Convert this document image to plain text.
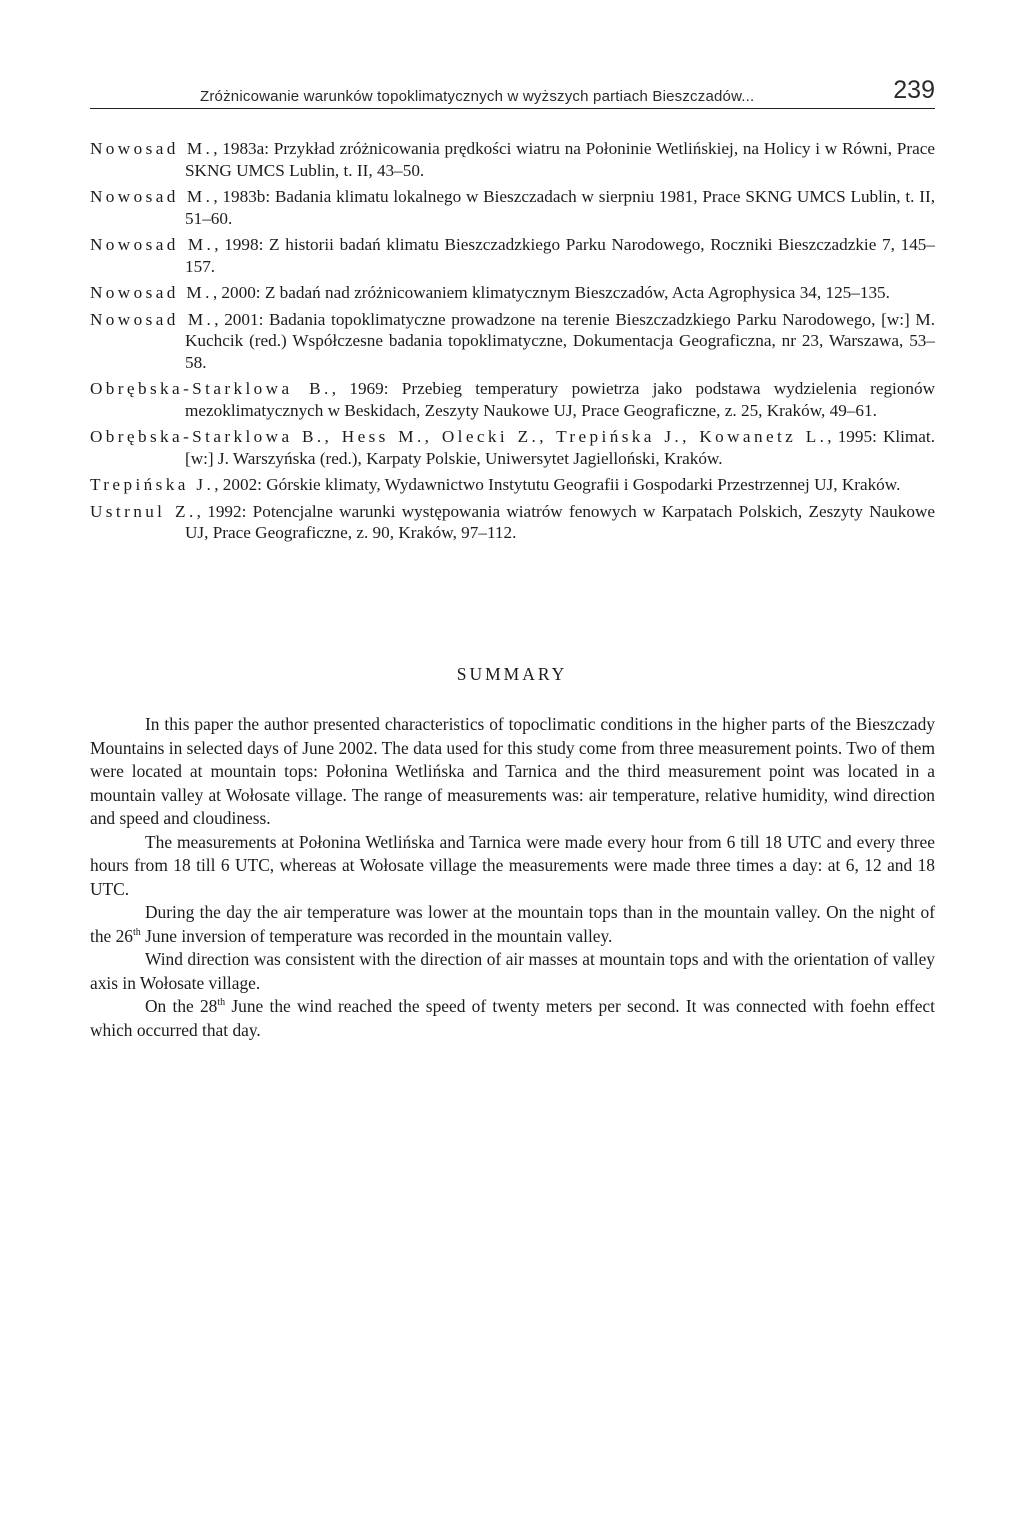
Zróżnicowanie warunków topoklimatycznych w wyższych partiach Bieszczadów...	239
Nowosad M., 1983a: Przykład zróżnicowania prędkości wiatru na Połoninie Wetlińskiej, na Holicy i w Równi, Prace SKNG UMCS Lublin, t. II, 43–50.
Nowosad M., 1983b: Badania klimatu lokalnego w Bieszczadach w sierpniu 1981, Prace SKNG UMCS Lublin, t. II, 51–60.
Nowosad M., 1998: Z historii badań klimatu Bieszczadzkiego Parku Narodowego, Roczniki Bieszczadzkie 7, 145–157.
Nowosad M., 2000: Z badań nad zróżnicowaniem klimatycznym Bieszczadów, Acta Agrophysica 34, 125–135.
Nowosad M., 2001: Badania topoklimatyczne prowadzone na terenie Bieszczadzkiego Parku Narodowego, [w:] M. Kuchcik (red.) Współczesne badania topoklimatyczne, Dokumentacja Geograficzna, nr 23, Warszawa, 53–58.
Obrębska-Starklowa B., 1969: Przebieg temperatury powietrza jako podstawa wydzielenia regionów mezoklimatycznych w Beskidach, Zeszyty Naukowe UJ, Prace Geograficzne, z. 25, Kraków, 49–61.
Obrębska-Starklowa B., Hess M., Olecki Z., Trepińska J., Kowanetz L., 1995: Klimat. [w:] J. Warszyńska (red.), Karpaty Polskie, Uniwersytet Jagielloński, Kraków.
Trepińska J., 2002: Górskie klimaty, Wydawnictwo Instytutu Geografii i Gospodarki Przestrzennej UJ, Kraków.
Ustrnul Z., 1992: Potencjalne warunki występowania wiatrów fenowych w Karpatach Polskich, Zeszyty Naukowe UJ, Prace Geograficzne, z. 90, Kraków, 97–112.
SUMMARY

In this paper the author presented characteristics of topoclimatic conditions in the higher parts of the Bieszczady Mountains in selected days of June 2002. The data used for this study come from three measurement points. Two of them were located at mountain tops: Połonina Wetlińska and Tarnica and the third measurement point was located in a mountain valley at Wołosate village. The range of measurements was: air temperature, relative humidity, wind direction and speed and cloudiness.

The measurements at Połonina Wetlińska and Tarnica were made every hour from 6 till 18 UTC and every three hours from 18 till 6 UTC, whereas at Wołosate village the measurements were made three times a day: at 6, 12 and 18 UTC.

During the day the air temperature was lower at the mountain tops than in the mountain valley. On the night of the 26th June inversion of temperature was recorded in the mountain valley.

Wind direction was consistent with the direction of air masses at mountain tops and with the orientation of valley axis in Wołosate village.

On the 28th June the wind reached the speed of twenty meters per second. It was connected with foehn effect which occurred that day.
